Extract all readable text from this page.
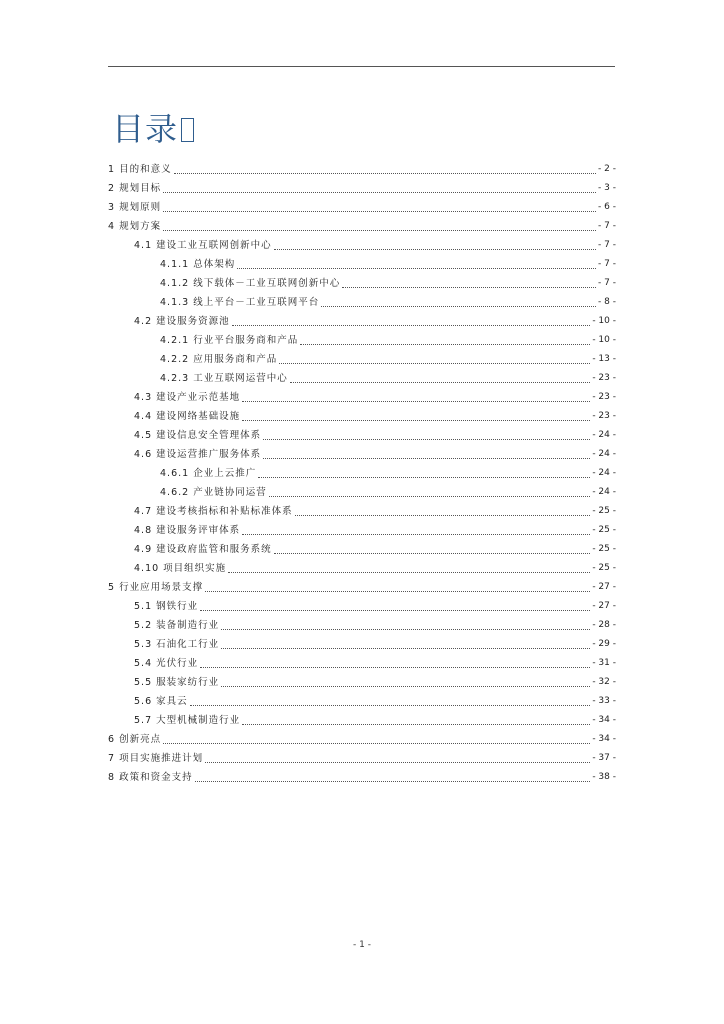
目录
1 目的和意义	- 2 -
2 规划目标	- 3 -
3 规划原则	- 6 -
4 规划方案	- 7 -
4.1 建设工业互联网创新中心	- 7 -
4.1.1 总体架构	- 7 -
4.1.2 线下载体－工业互联网创新中心	- 7 -
4.1.3 线上平台－工业互联网平台	- 8 -
4.2 建设服务资源池	- 10 -
4.2.1 行业平台服务商和产品	- 10 -
4.2.2 应用服务商和产品	- 13 -
4.2.3 工业互联网运营中心	- 23 -
4.3 建设产业示范基地	- 23 -
4.4 建设网络基础设施	- 23 -
4.5 建设信息安全管理体系	- 24 -
4.6 建设运营推广服务体系	- 24 -
4.6.1 企业上云推广	- 24 -
4.6.2 产业链协同运营	- 24 -
4.7 建设考核指标和补贴标准体系	- 25 -
4.8 建设服务评审体系	- 25 -
4.9 建设政府监管和服务系统	- 25 -
4.10 项目组织实施	- 25 -
5 行业应用场景支撑	- 27 -
5.1 钢铁行业	- 27 -
5.2 装备制造行业	- 28 -
5.3 石油化工行业	- 29 -
5.4 光伏行业	- 31 -
5.5 服装家纺行业	- 32 -
5.6 家具云	- 33 -
5.7 大型机械制造行业	- 34 -
6 创新亮点	- 34 -
7 项目实施推进计划	- 37 -
8 政策和资金支持	- 38 -
- 1 -
